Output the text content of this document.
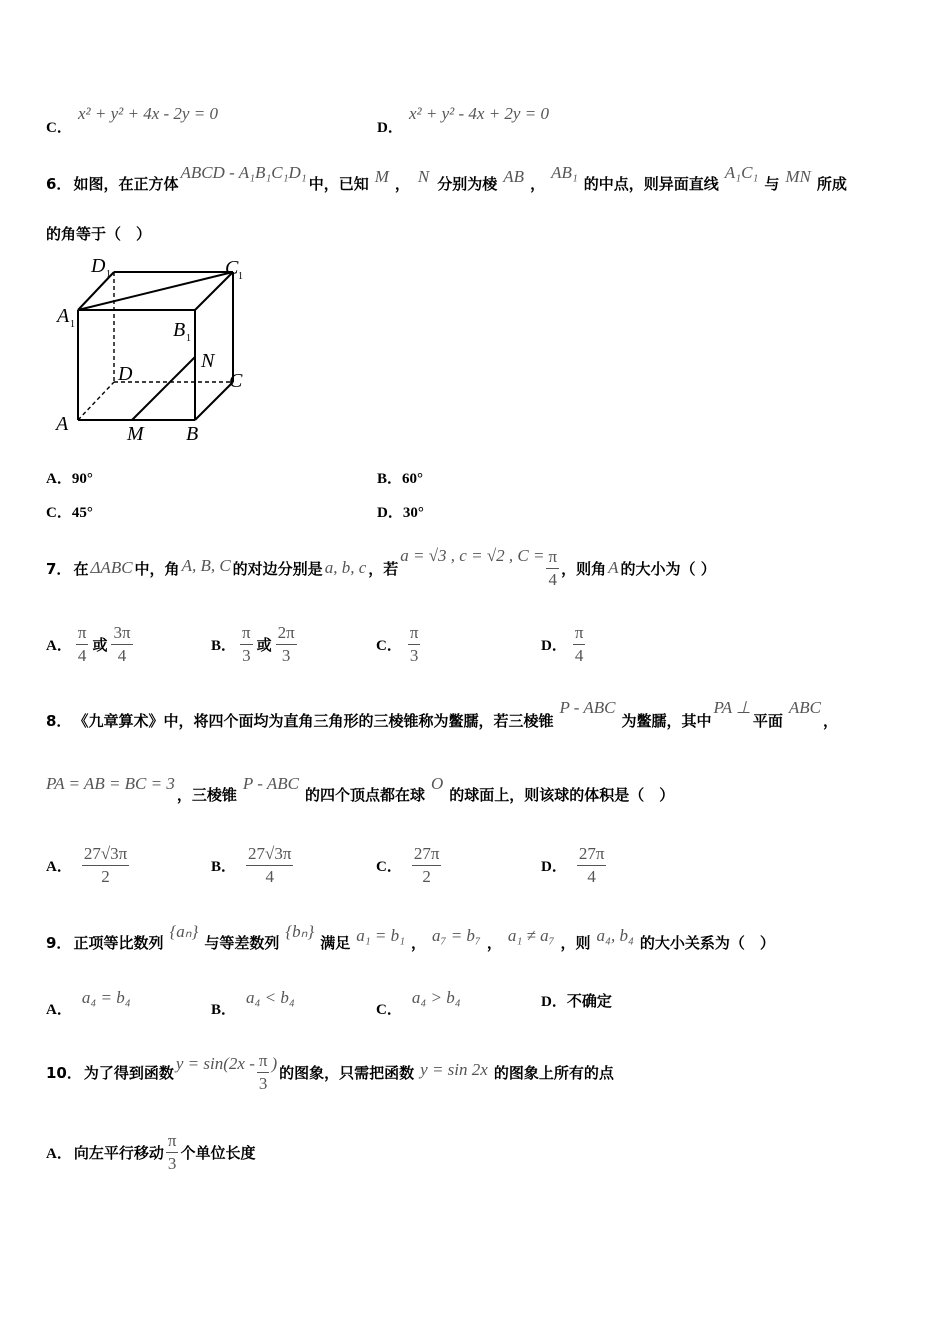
C．
x² + y² + 4x - 2y = 0
D．
x² + y² - 4x + 2y = 0
6． 如图，在正方体
ABCD - A₁B₁C₁D₁
中，已知 M ， N 分别为棱 AB ，
AB₁
的中点，则异面直线
A₁C₁
与 MN 所成
的角等于（　）
D 1	C 1
A 1	B 1
N
D	C
A	M B
A．90°	B．60°
C．45°	D．30°
7． 在 ΔABC 中，角 A, B, C 的对边分别是 a, b, c ，若
a = √3 , c = √2 , $C = \frac{\pi}{4}$ ，则角 A 的大小为（ ）
A． $\frac{\pi}{4}$ 或 $\frac{3\pi}{4}$	B． $\frac{\pi}{3}$ 或 $\frac{2\pi}{3}$	C． $\frac{\pi}{3}$	D． $\frac{\pi}{4}$
8． 《九章算术》中，将四个面均为直角三角形的三棱锥称为鳖臑，若三棱锥
P - ABC
为鳖臑，其中
PA ⊥
平面
ABC
，
PA = AB = BC = 3
，三棱锥
P - ABC
的四个顶点都在球
O
的球面上，则该球的体积是（　）
A． $\frac{27√3\pi}{2}$	B． $\frac{27√3\pi}{4}$	C． $\frac{27\pi}{2}$	D． $\frac{27\pi}{4}$
9． 正项等比数列
{aₙ}
与等差数列
{bₙ}
满足 a₁ = b₁ ， a₇ = b₇ ， a₁ ≠ a₇ ，则 a₄, b₄ 的大小关系为（　）
A．
a₄ = b₄
B．
a₄ < b₄
C．
a₄ > b₄	D．不确定
10． 为了得到函数 $y = \sin(2x - \frac{\pi}{3}$ ) 的图象，只需把函数 y = sin 2x 的图象上所有的点
A． 向左平行移动 $\frac{\pi}{3}$ 个单位长度
